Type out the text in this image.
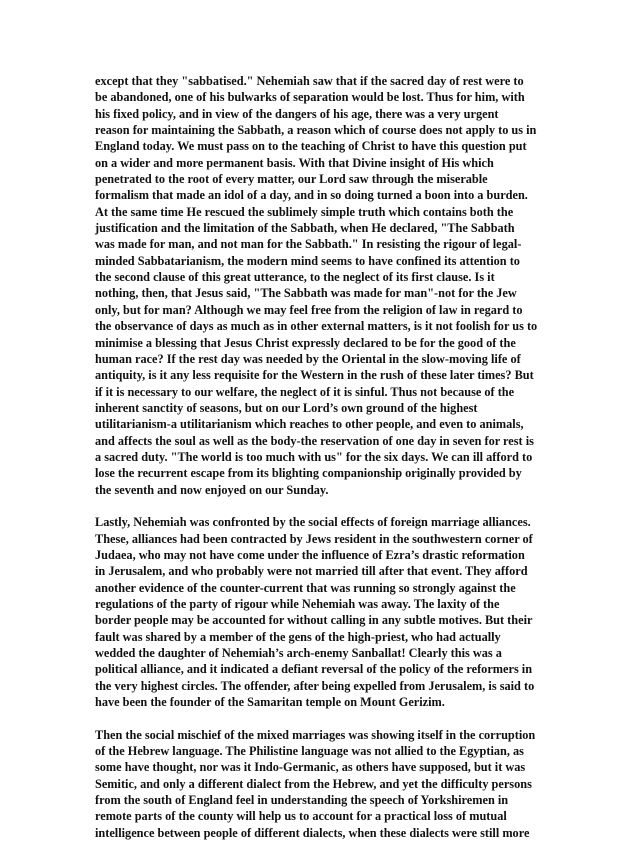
except that they "sabbatised." Nehemiah saw that if the sacred day of rest were to
be abandoned, one of his bulwarks of separation would be lost. Thus for him, with
his fixed policy, and in view of the dangers of his age, there was a very urgent
reason for maintaining the Sabbath, a reason which of course does not apply to us in
England today. We must pass on to the teaching of Christ to have this question put
on a wider and more permanent basis. With that Divine insight of His which
penetrated to the root of every matter, our Lord saw through the miserable
formalism that made an idol of a day, and in so doing turned a boon into a burden.
At the same time He rescued the sublimely simple truth which contains both the
justification and the limitation of the Sabbath, when He declared, "The Sabbath
was made for man, and not man for the Sabbath." In resisting the rigour of legal-
minded Sabbatarianism, the modern mind seems to have confined its attention to
the second clause of this great utterance, to the neglect of its first clause. Is it
nothing, then, that Jesus said, "The Sabbath was made for man"-not for the Jew
only, but for man? Although we may feel free from the religion of law in regard to
the observance of days as much as in other external matters, is it not foolish for us to
minimise a blessing that Jesus Christ expressly declared to be for the good of the
human race? If the rest day was needed by the Oriental in the slow-moving life of
antiquity, is it any less requisite for the Western in the rush of these later times? But
if it is necessary to our welfare, the neglect of it is sinful. Thus not because of the
inherent sanctity of seasons, but on our Lord’s own ground of the highest
utilitarianism-a utilitarianism which reaches to other people, and even to animals,
and affects the soul as well as the body-the reservation of one day in seven for rest is
a sacred duty. "The world is too much with us" for the six days. We can ill afford to
lose the recurrent escape from its blighting companionship originally provided by
the seventh and now enjoyed on our Sunday.
Lastly, Nehemiah was confronted by the social effects of foreign marriage alliances.
These, alliances had been contracted by Jews resident in the southwestern corner of
Judaea, who may not have come under the influence of Ezra’s drastic reformation
in Jerusalem, and who probably were not married till after that event. They afford
another evidence of the counter-current that was running so strongly against the
regulations of the party of rigour while Nehemiah was away. The laxity of the
border people may be accounted for without calling in any subtle motives. But their
fault was shared by a member of the gens of the high-priest, who had actually
wedded the daughter of Nehemiah’s arch-enemy Sanballat! Clearly this was a
political alliance, and it indicated a defiant reversal of the policy of the reformers in
the very highest circles. The offender, after being expelled from Jerusalem, is said to
have been the founder of the Samaritan temple on Mount Gerizim.
Then the social mischief of the mixed marriages was showing itself in the corruption
of the Hebrew language. The Philistine language was not allied to the Egyptian, as
some have thought, nor was it Indo-Germanic, as others have supposed, but it was
Semitic, and only a different dialect from the Hebrew, and yet the difficulty persons
from the south of England feel in understanding the speech of Yorkshiremen in
remote parts of the county will help us to account for a practical loss of mutual
intelligence between people of different dialects, when these dialects were still more
